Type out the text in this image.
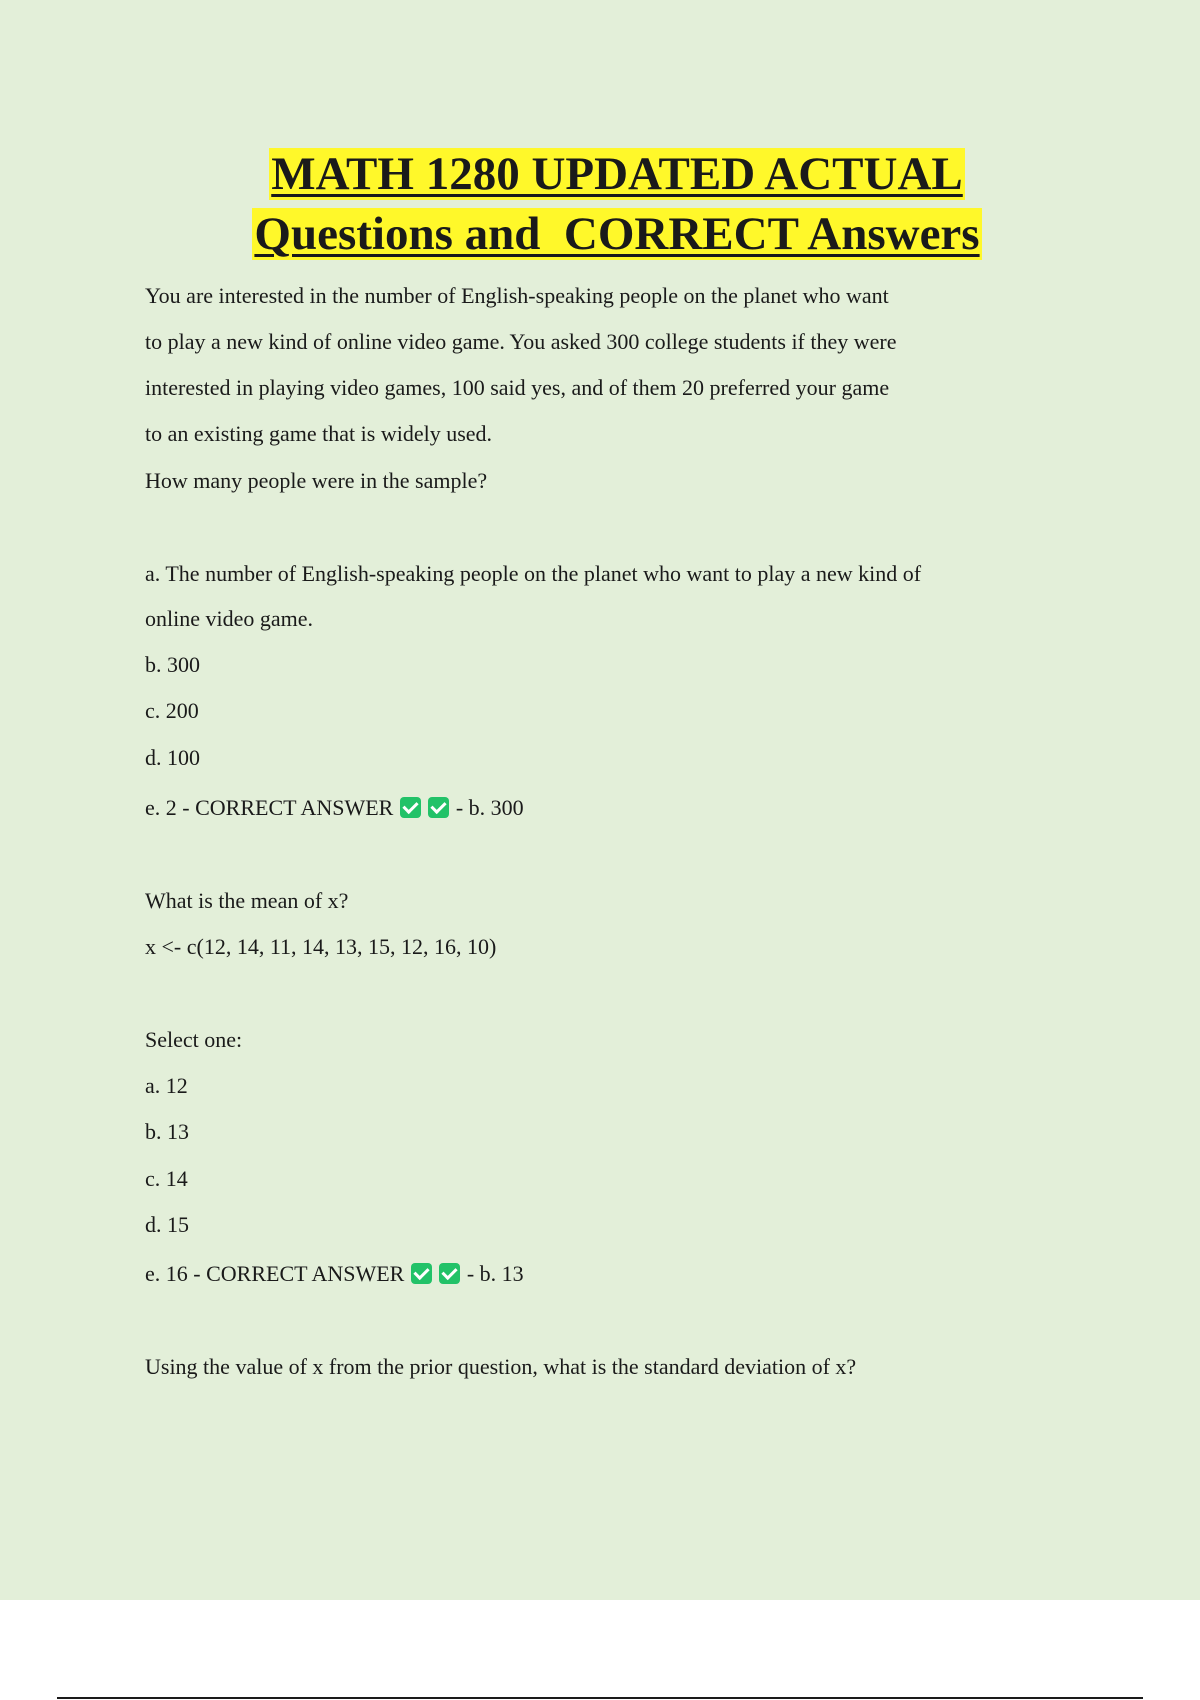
MATH 1280 UPDATED ACTUAL
Questions and  CORRECT Answers
You are interested in the number of English-speaking people on the planet who want
to play a new kind of online video game. You asked 300 college students if they were
interested in playing video games, 100 said yes, and of them 20 preferred your game
to an existing game that is widely used.
How many people were in the sample?
a. The number of English-speaking people on the planet who want to play a new kind of
online video game.
b. 300
c. 200
d. 100
e. 2 - CORRECT ANSWER	- b. 300
What is the mean of x?
x <- c(12, 14, 11, 14, 13, 15, 12, 16, 10)
Select one:
a. 12
b. 13
c. 14
d. 15
e. 16 - CORRECT ANSWER	- b. 13
Using the value of x from the prior question, what is the standard deviation of x?
